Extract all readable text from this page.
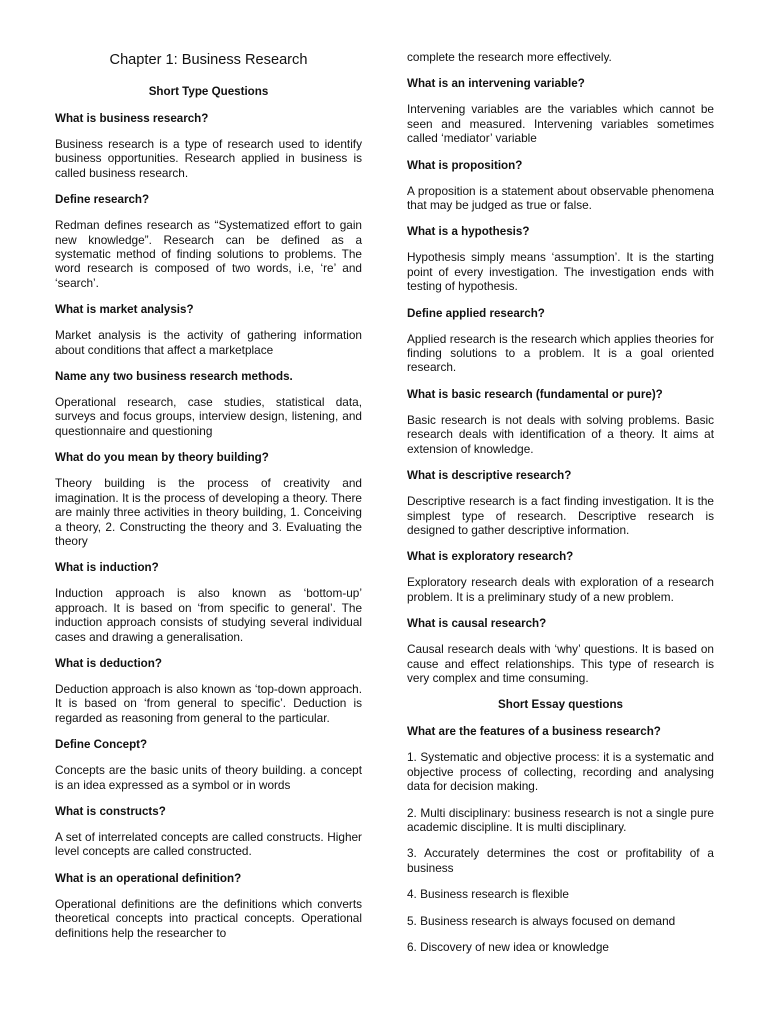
Chapter 1: Business Research
Short Type Questions
What is business research?
Business research is a type of research used to identify business opportunities. Research applied in business is called business research.
Define research?
Redman defines research as “Systematized effort to gain new knowledge”. Research can be defined as a systematic method of finding solutions to problems. The word research is composed of two words, i.e, ‘re’ and ‘search’.
What is market analysis?
Market analysis is the activity of gathering information about conditions that affect a marketplace
Name any two business research methods.
Operational research, case studies, statistical data, surveys and focus groups, interview design, listening, and questionnaire and questioning
What do you mean by theory building?
Theory building is the process of creativity and imagination. It is the process of developing a theory. There are mainly three activities in theory building, 1. Conceiving a theory, 2. Constructing the theory and 3. Evaluating the theory
What is induction?
Induction approach is also known as ‘bottom-up’ approach. It is based on ‘from specific to general’. The induction approach consists of studying several individual cases and drawing a generalisation.
What is deduction?
Deduction approach is also known as ‘top-down approach. It is based on ‘from general to specific’. Deduction is regarded as reasoning from general to the particular.
Define Concept?
Concepts are the basic units of theory building. a concept is an idea expressed as a symbol or in words
What is constructs?
A set of interrelated concepts are called constructs. Higher level concepts are called constructed.
What is an operational definition?
Operational definitions are the definitions which converts theoretical concepts into practical concepts. Operational definitions help the researcher to
complete the research more effectively.
What is an intervening variable?
Intervening variables are the variables which cannot be seen and measured. Intervening variables sometimes called ‘mediator’ variable
What is proposition?
A proposition is a statement about observable phenomena that may be judged as true or false.
What is a hypothesis?
Hypothesis simply means ‘assumption’. It is the starting point of every investigation. The investigation ends with testing of hypothesis.
Define applied research?
Applied research is the research which applies theories for finding solutions to a problem. It is a goal oriented research.
What is basic research (fundamental or pure)?
Basic research is not deals with solving problems. Basic research deals with identification of a theory. It aims at extension of knowledge.
What is descriptive research?
Descriptive research is a fact finding investigation. It is the simplest type of research. Descriptive research is designed to gather descriptive information.
What is exploratory research?
Exploratory research deals with exploration of a research problem. It is a preliminary study of a new problem.
What is causal research?
Causal research deals with ‘why’ questions. It is based on cause and effect relationships. This type of research is very complex and time consuming.
Short Essay questions
What are the features of a business research?
1. Systematic and objective process: it is a systematic and objective process of collecting, recording and analysing data for decision making.
2. Multi disciplinary: business research is not a single pure academic discipline. It is multi disciplinary.
3. Accurately determines the cost or profitability of a business
4. Business research is flexible
5. Business research is always focused on demand
6. Discovery of new idea or knowledge
